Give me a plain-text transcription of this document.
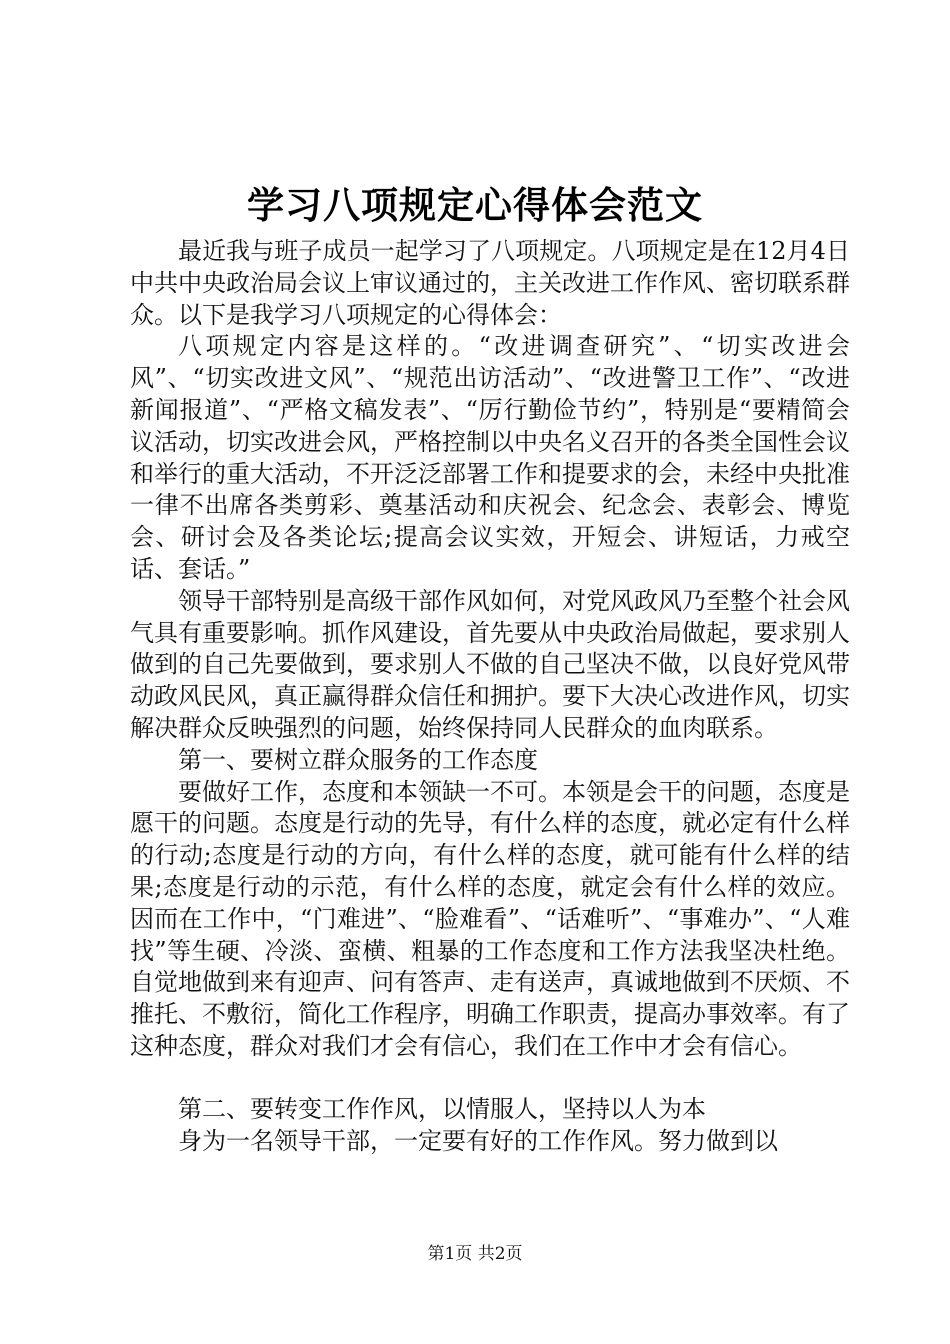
学习八项规定心得体会范文

最近我与班子成员一起学习了八项规定。八项规定是在12月4日中共中央政治局会议上审议通过的，主关改进工作作风、密切联系群众。以下是我学习八项规定的心得体会：

八项规定内容是这样的。“改进调查研究”、“切实改进会风”、“切实改进文风”、“规范出访活动”、“改进警卫工作”、“改进新闻报道”、“严格文稿发表”、“厉行勤俭节约”，特别是“要精简会议活动，切实改进会风，严格控制以中央名义召开的各类全国性会议和举行的重大活动，不开泛泛部署工作和提要求的会，未经中央批准一律不出席各类剪彩、奠基活动和庆祝会、纪念会、表彰会、博览会、研讨会及各类论坛;提高会议实效，开短会、讲短话，力戒空话、套话。”

领导干部特别是高级干部作风如何，对党风政风乃至整个社会风气具有重要影响。抓作风建设，首先要从中央政治局做起，要求别人做到的自己先要做到，要求别人不做的自己坚决不做，以良好党风带动政风民风，真正赢得群众信任和拥护。要下大决心改进作风，切实解决群众反映强烈的问题，始终保持同人民群众的血肉联系。

第一、要树立群众服务的工作态度

要做好工作，态度和本领缺一不可。本领是会干的问题，态度是愿干的问题。态度是行动的先导，有什么样的态度，就必定有什么样的行动;态度是行动的方向，有什么样的态度，就可能有什么样的结果;态度是行动的示范，有什么样的态度，就定会有什么样的效应。因而在工作中，“门难进”、“脸难看”、“话难听”、“事难办”、“人难找”等生硬、冷淡、蛮横、粗暴的工作态度和工作方法我坚决杜绝。自觉地做到来有迎声、问有答声、走有送声，真诚地做到不厌烦、不推托、不敷衍，简化工作程序，明确工作职责，提高办事效率。有了这种态度，群众对我们才会有信心，我们在工作中才会有信心。

第二、要转变工作作风，以情服人，坚持以人为本

身为一名领导干部，一定要有好的工作作风。努力做到以

第1页 共2页
